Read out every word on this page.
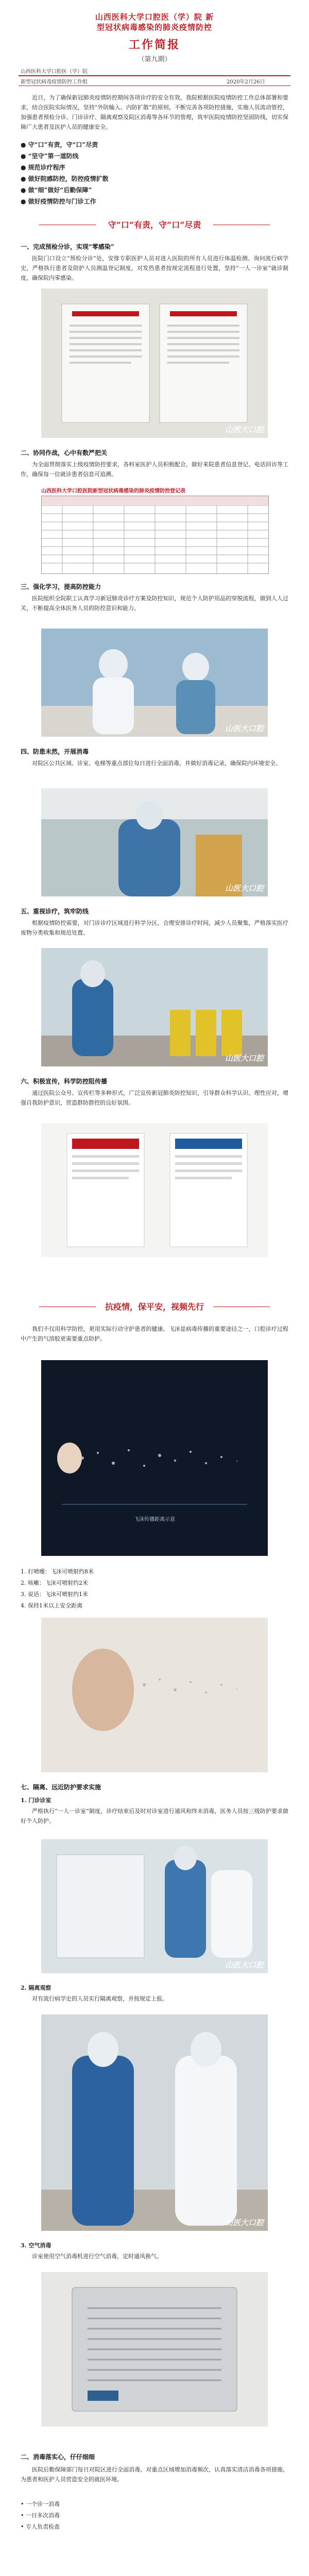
山西医科大学口腔医（学）院 新
型冠状病毒感染的肺炎疫情防控
工作简报
（第九期）
山西医科大学口腔医（学）院
新型冠状病毒疫情防控工作组	2020年2月26日
近日，为了确保新冠肺炎疫情防控期间各项诊疗的安全有效，我院根据医院疫情防控工作总体部署和要求，结合医院实际情况，坚持“外防输入、内防扩散”的原则，不断完善各项防控措施，实施人员流动管控，加强患者预检分诊、门诊诊疗、隔离观察及院区消毒等各环节的管理，筑牢医院疫情防控坚固防线，切实保障广大患者及医护人员的健康安全。
● 守“口”有责，守“口”尽责
● “坚守”第一道防线
● 规范诊疗程序
● 做好院感防控，防控疫情扩散
● 做“细”做好“后勤保障”
● 做好疫情防控与门诊工作
守“口”有责，守“口”尽责
一、完成预检分诊，实现“零感染”
医院门口设立“预检分诊”处，安排专职医护人员对进入医院的所有人员进行体温检测、询问流行病学史，严格执行患者及陪护人员测温登记制度，对发热患者按规定流程进行处置，坚持“一人一诊室”就诊制度，确保院内零感染。
山医大口腔
二、协同作战，心中有数严把关
为全面贯彻落实上级疫情防控要求，各科室医护人员积极配合，做好来院患者信息登记、电话回访等工作，确保每一位就诊患者信息可追溯。
山西医科大学口腔医院新型冠状病毒感染的肺炎疫情防控登记表
三、强化学习，提高防控能力
医院组织全院职工认真学习新冠肺炎诊疗方案及防控知识，规范个人防护用品的穿脱流程，做到人人过关，不断提高全体医务人员的防控意识和能力。
山医大口腔
四、防患未然，开展消毒
对院区公共区域、诊室、电梯等重点部位每日进行全面消毒，并做好消毒记录，确保院内环境安全。
山医大口腔
五、重视诊疗，筑牢防线
根据疫情防控需要，对门诊诊疗区域进行科学分区，合理安排诊疗时间，减少人员聚集，严格落实医疗废物分类收集和规范处置。
山医大口腔
六、积极宣传，科学防控阻传播
通过医院公众号、宣传栏等多种形式，广泛宣传新冠肺炎防控知识，引导群众科学认识、理性应对，增强自我防护意识，营造群防群控的良好氛围。
抗疫情，保平安，视频先行
我们不仅用科学防控，更用实际行动守护患者的健康。飞沫是病毒传播的重要途径之一，口腔诊疗过程中产生的气溶胶更需要重点防护。
飞沫传播距离示意
1. 打喷嚏：飞沫可喷射约8米
2. 咳嗽：飞沫可喷射约2米
3. 说话：飞沫可喷射约1米
4. 保持1米以上安全距离
七、隔离、远近防护要求实施
1. 门诊诊室
严格执行“一人一诊室”制度，诊疗结束后及时对诊室进行通风和终末消毒，医务人员按三级防护要求做好个人防护。
山医大口腔
2. 隔离观察
对有流行病学史的人员实行隔离观察，并按规定上报。
山医大口腔
3. 空气消毒
诊室使用空气消毒机进行空气消毒，定时通风换气。
二、消毒落实心，仔仔细细
医院后勤保障部门每日对院区进行全面消毒，对重点区域增加消毒频次，认真落实清洁消毒各项措施，为患者和医护人员营造安全的就医环境。
• 一个诊一消毒
• 一日多次消毒
• 专人负责检查
